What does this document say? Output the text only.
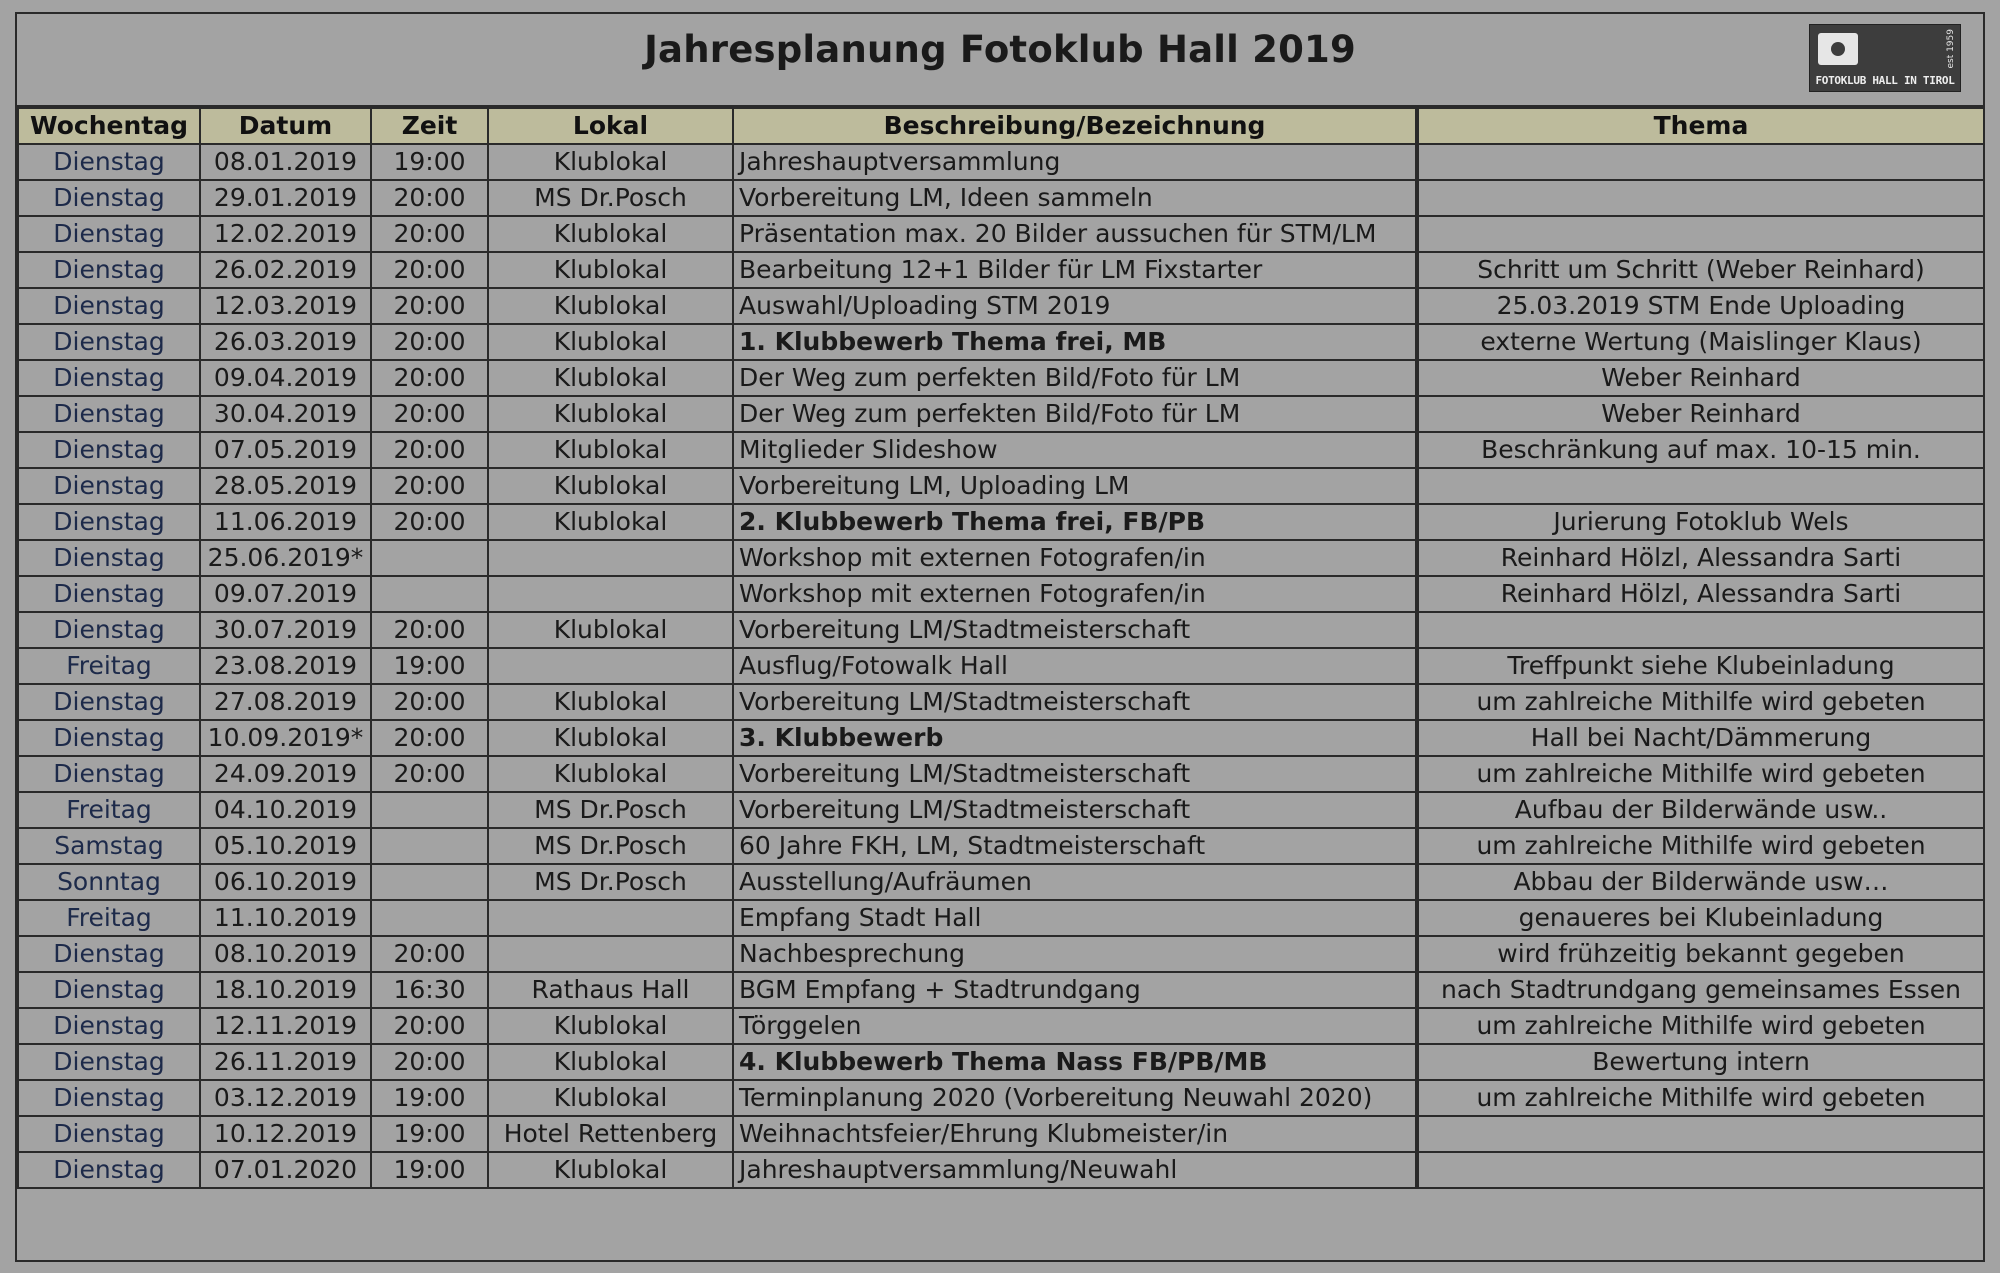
Jahresplanung Fotoklub Hall 2019	est 1959
FOTOKLUB HALL IN TIROL
Wochentag	Datum	Zeit	Lokal	Beschreibung/Bezeichnung	Thema
Dienstag	08.01.2019	19:00	Klublokal	Jahreshauptversammlung	
Dienstag	29.01.2019	20:00	MS Dr.Posch	Vorbereitung LM, Ideen sammeln	
Dienstag	12.02.2019	20:00	Klublokal	Präsentation max. 20 Bilder aussuchen für STM/LM	
Dienstag	26.02.2019	20:00	Klublokal	Bearbeitung 12+1 Bilder für LM Fixstarter	Schritt um Schritt (Weber Reinhard)
Dienstag	12.03.2019	20:00	Klublokal	Auswahl/Uploading STM 2019	25.03.2019 STM Ende Uploading
Dienstag	26.03.2019	20:00	Klublokal	1. Klubbewerb Thema frei, MB	externe Wertung (Maislinger Klaus)
Dienstag	09.04.2019	20:00	Klublokal	Der Weg zum perfekten Bild/Foto für LM	Weber Reinhard
Dienstag	30.04.2019	20:00	Klublokal	Der Weg zum perfekten Bild/Foto für LM	Weber Reinhard
Dienstag	07.05.2019	20:00	Klublokal	Mitglieder Slideshow	Beschränkung auf max. 10-15 min.
Dienstag	28.05.2019	20:00	Klublokal	Vorbereitung LM, Uploading LM	
Dienstag	11.06.2019	20:00	Klublokal	2. Klubbewerb Thema frei, FB/PB	Jurierung Fotoklub Wels
Dienstag	25.06.2019*			Workshop mit externen Fotografen/in	Reinhard Hölzl, Alessandra Sarti
Dienstag	09.07.2019			Workshop mit externen Fotografen/in	Reinhard Hölzl, Alessandra Sarti
Dienstag	30.07.2019	20:00	Klublokal	Vorbereitung LM/Stadtmeisterschaft	
Freitag	23.08.2019	19:00		Ausflug/Fotowalk Hall	Treffpunkt siehe Klubeinladung
Dienstag	27.08.2019	20:00	Klublokal	Vorbereitung LM/Stadtmeisterschaft	um zahlreiche Mithilfe wird gebeten
Dienstag	10.09.2019*	20:00	Klublokal	3. Klubbewerb	Hall bei Nacht/Dämmerung
Dienstag	24.09.2019	20:00	Klublokal	Vorbereitung LM/Stadtmeisterschaft	um zahlreiche Mithilfe wird gebeten
Freitag	04.10.2019		MS Dr.Posch	Vorbereitung LM/Stadtmeisterschaft	Aufbau der Bilderwände usw..
Samstag	05.10.2019		MS Dr.Posch	60 Jahre FKH, LM, Stadtmeisterschaft	um zahlreiche Mithilfe wird gebeten
Sonntag	06.10.2019		MS Dr.Posch	Ausstellung/Aufräumen	Abbau der Bilderwände usw…
Freitag	11.10.2019			Empfang Stadt Hall	genaueres bei Klubeinladung
Dienstag	08.10.2019	20:00		Nachbesprechung	wird frühzeitig bekannt gegeben
Dienstag	18.10.2019	16:30	Rathaus Hall	BGM Empfang + Stadtrundgang	nach Stadtrundgang gemeinsames Essen
Dienstag	12.11.2019	20:00	Klublokal	Törggelen	um zahlreiche Mithilfe wird gebeten
Dienstag	26.11.2019	20:00	Klublokal	4. Klubbewerb Thema Nass FB/PB/MB	Bewertung intern
Dienstag	03.12.2019	19:00	Klublokal	Terminplanung 2020 (Vorbereitung Neuwahl 2020)	um zahlreiche Mithilfe wird gebeten
Dienstag	10.12.2019	19:00	Hotel Rettenberg	Weihnachtsfeier/Ehrung Klubmeister/in	
Dienstag	07.01.2020	19:00	Klublokal	Jahreshauptversammlung/Neuwahl	
